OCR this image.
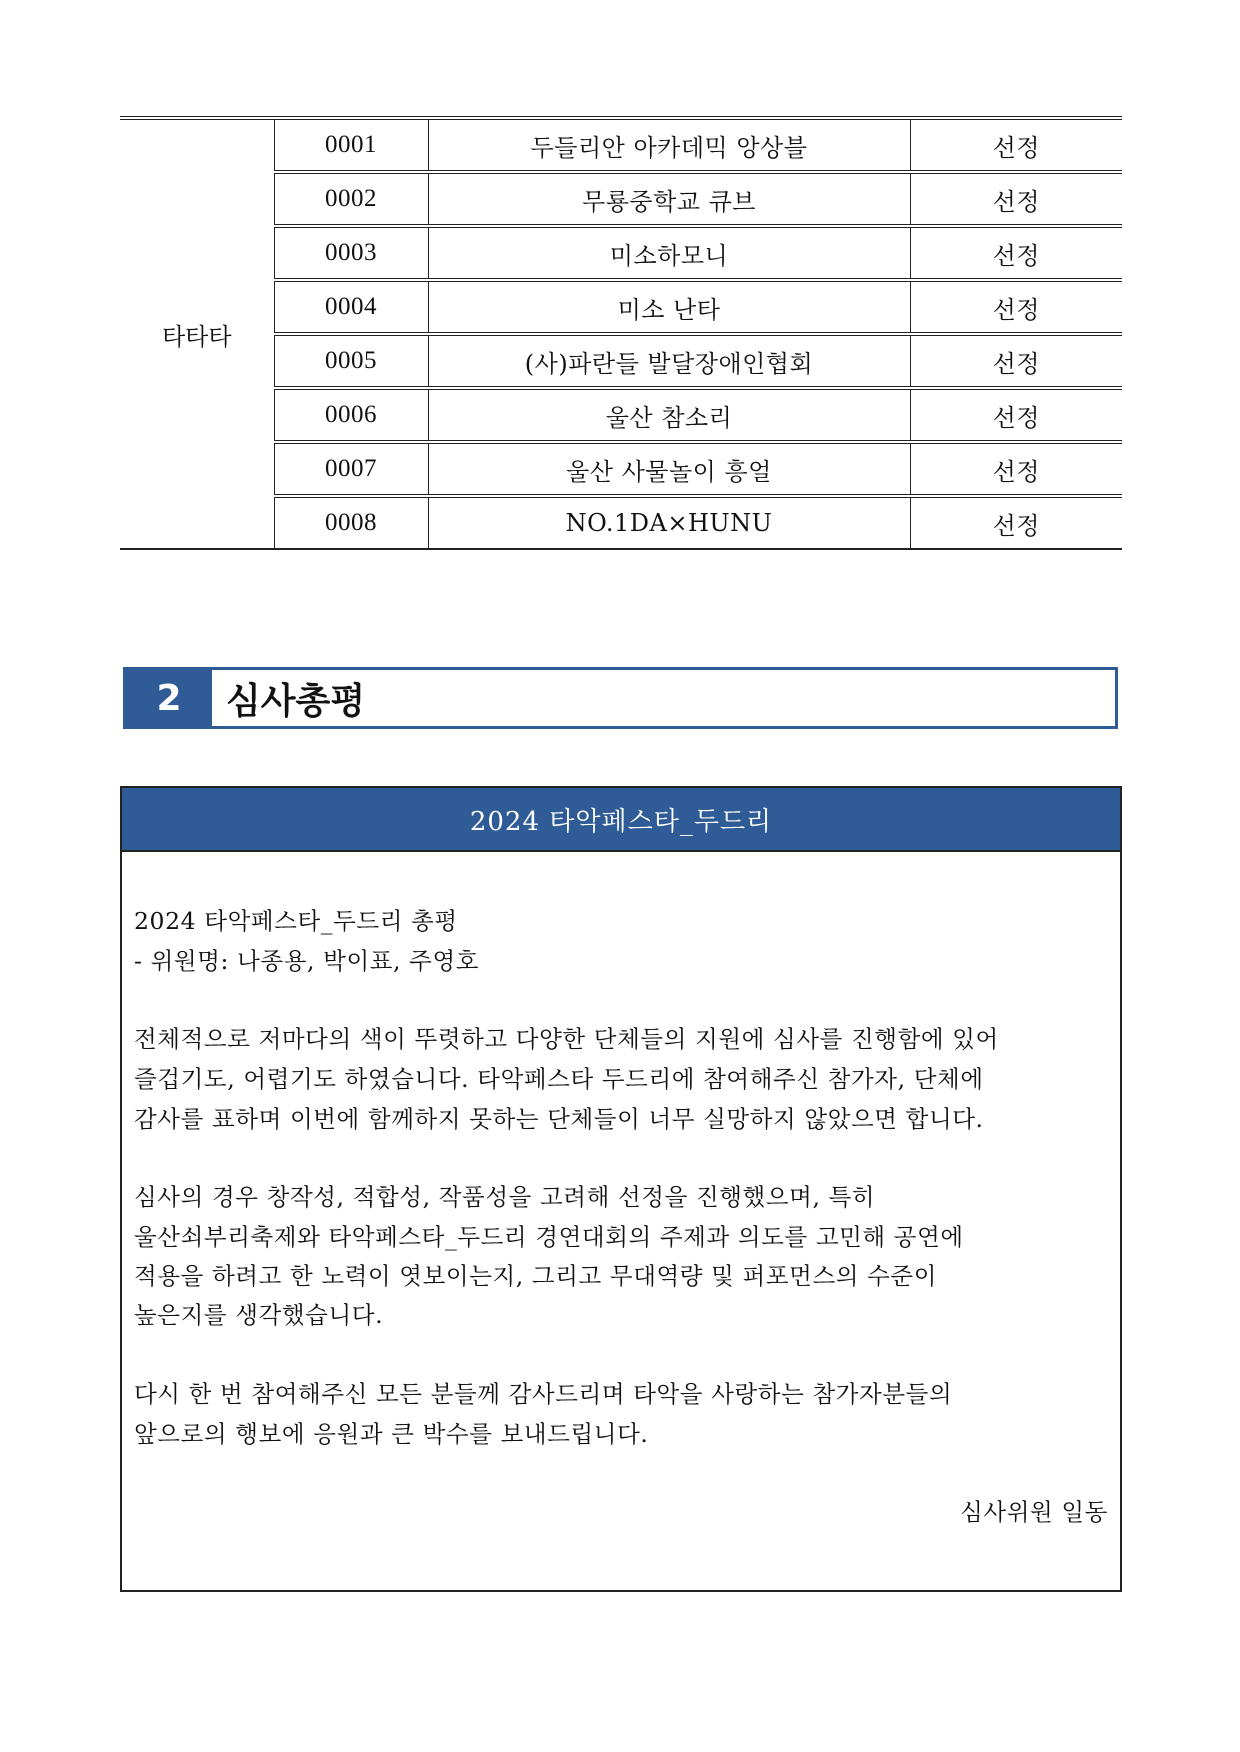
타타타	0001	두들리안 아카데믹 앙상블	선정
	0002	무룡중학교 큐브	선정
	0003	미소하모니	선정
	0004	미소 난타	선정
	0005	(사)파란들 발달장애인협회	선정
	0006	울산 참소리	선정
	0007	울산 사물놀이 흥얼	선정
	0008	NO.1DA×HUNU	선정
2	심사총평
2024 타악페스타_두드리
2024 타악페스타_두드리 총평
- 위원명: 나종용, 박이표, 주영호
전체적으로 저마다의 색이 뚜렷하고 다양한 단체들의 지원에 심사를 진행함에 있어
즐겁기도, 어렵기도 하였습니다. 타악페스타 두드리에 참여해주신 참가자, 단체에
감사를 표하며 이번에 함께하지 못하는 단체들이 너무 실망하지 않았으면 합니다.
심사의 경우 창작성, 적합성, 작품성을 고려해 선정을 진행했으며, 특히
울산쇠부리축제와 타악페스타_두드리 경연대회의 주제과 의도를 고민해 공연에
적용을 하려고 한 노력이 엿보이는지, 그리고 무대역량 및 퍼포먼스의 수준이
높은지를 생각했습니다.
다시 한 번 참여해주신 모든 분들께 감사드리며 타악을 사랑하는 참가자분들의
앞으로의 행보에 응원과 큰 박수를 보내드립니다.
심사위원 일동
